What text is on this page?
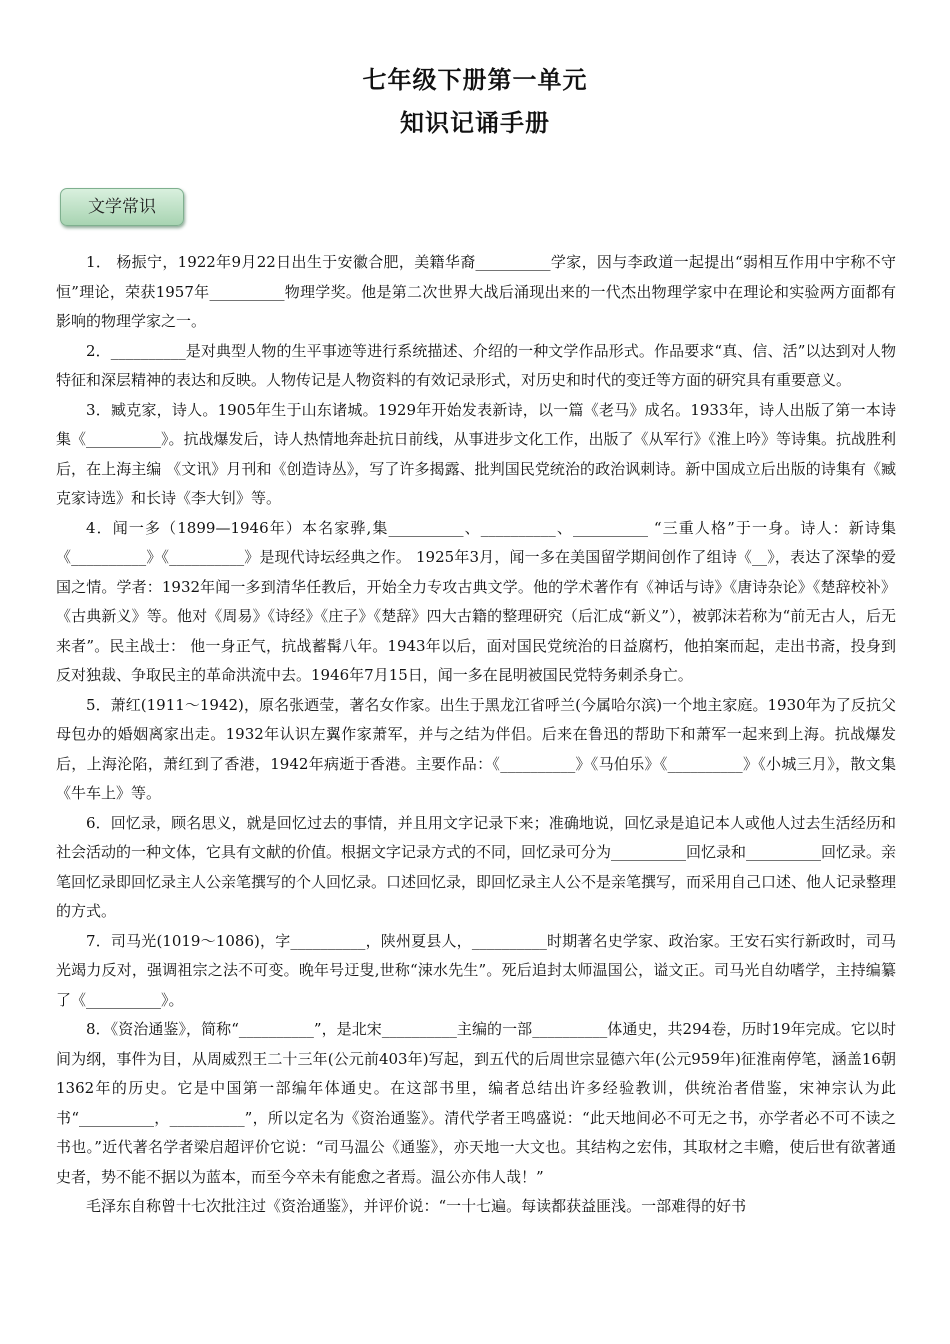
七年级下册第一单元
知识记诵手册
文学常识

1． 杨振宁，1922年9月22日出生于安徽合肥，美籍华裔__________学家，因与李政道一起提出“弱相互作用中宇称不守恒”理论，荣获1957年__________物理学奖。他是第二次世界大战后涌现出来的一代杰出物理学家中在理论和实验两方面都有影响的物理学家之一。

2．__________是对典型人物的生平事迹等进行系统描述、介绍的一种文学作品形式。作品要求“真、信、活”以达到对人物特征和深层精神的表达和反映。人物传记是人物资料的有效记录形式，对历史和时代的变迁等方面的研究具有重要意义。

3．臧克家，诗人。1905年生于山东诸城。1929年开始发表新诗，以一篇《老马》成名。1933年，诗人出版了第一本诗集《__________》。抗战爆发后，诗人热情地奔赴抗日前线，从事进步文化工作，出版了《从军行》《淮上吟》等诗集。抗战胜利后，在上海主编 《文讯》月刊和《创造诗丛》，写了许多揭露、批判国民党统治的政治讽刺诗。新中国成立后出版的诗集有《臧克家诗选》和长诗《李大钊》等。

4．闻一多（1899—1946年）本名家骅,集__________、__________、__________ “三重人格”于一身。诗人：新诗集《__________》《__________》是现代诗坛经典之作。 1925年3月，闻一多在美国留学期间创作了组诗《__》，表达了深挚的爱国之情。学者：1932年闻一多到清华任教后，开始全力专攻古典文学。他的学术著作有《神话与诗》《唐诗杂论》《楚辞校补》《古典新义》等。他对《周易》《诗经》《庄子》《楚辞》四大古籍的整理研究（后汇成“新义”），被郭沫若称为“前无古人，后无来者”。民主战士： 他一身正气，抗战蓄髯八年。1943年以后，面对国民党统治的日益腐朽，他拍案而起，走出书斋，投身到反对独裁、争取民主的革命洪流中去。1946年7月15日，闻一多在昆明被国民党特务刺杀身亡。

5．萧红(1911～1942)，原名张迺莹，著名女作家。出生于黑龙江省呼兰(今属哈尔滨)一个地主家庭。1930年为了反抗父母包办的婚姻离家出走。1932年认识左翼作家萧军，并与之结为伴侣。后来在鲁迅的帮助下和萧军一起来到上海。抗战爆发后，上海沦陷，萧红到了香港，1942年病逝于香港。主要作品：《__________》《马伯乐》《__________》《小城三月》，散文集《牛车上》等。

6．回忆录，顾名思义，就是回忆过去的事情，并且用文字记录下来；准确地说，回忆录是追记本人或他人过去生活经历和社会活动的一种文体，它具有文献的价值。根据文字记录方式的不同，回忆录可分为__________回忆录和__________回忆录。亲笔回忆录即回忆录主人公亲笔撰写的个人回忆录。口述回忆录，即回忆录主人公不是亲笔撰写，而采用自己口述、他人记录整理的方式。

7．司马光(1019～1086)，字__________，陕州夏县人，__________时期著名史学家、政治家。王安石实行新政时，司马光竭力反对，强调祖宗之法不可变。晚年号迂叟,世称“涑水先生”。死后追封太师温国公，谥文正。司马光自幼嗜学，主持编纂了《__________》。

8．《资治通鉴》，简称“__________”，是北宋__________主编的一部__________体通史，共294卷，历时19年完成。它以时间为纲，事件为目，从周威烈王二十三年(公元前403年)写起，到五代的后周世宗显德六年(公元959年)征淮南停笔，涵盖16朝1362年的历史。它是中国第一部编年体通史。在这部书里，编者总结出许多经验教训，供统治者借鉴，宋神宗认为此书“__________，__________”，所以定名为《资治通鉴》。清代学者王鸣盛说：“此天地间必不可无之书，亦学者必不可不读之书也。”近代著名学者梁启超评价它说：“司马温公《通鉴》，亦天地一大文也。其结构之宏伟，其取材之丰赡，使后世有欲著通史者，势不能不据以为蓝本，而至今卒未有能愈之者焉。温公亦伟人哉！”

毛泽东自称曾十七次批注过《资治通鉴》，并评价说：“一十七遍。每读都获益匪浅。一部难得的好书
